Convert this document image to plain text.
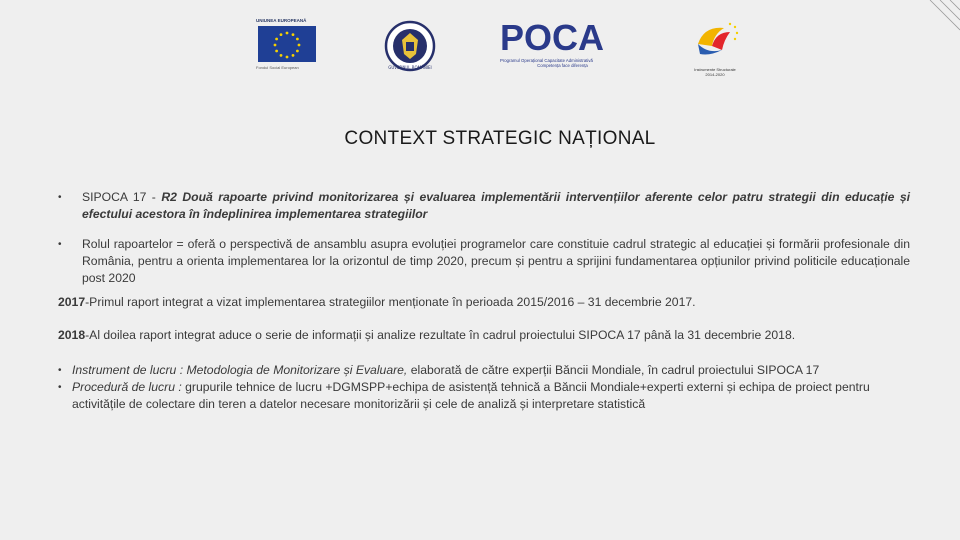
UNIUNEA EUROPEANĂ
Fondul Social European	GUVERNUL ROMÂNIEI
POCA
Programul Operațional Capacitate Administrativă
Competența face diferența
Instrumente Structurale
2014-2020
CONTEXT STRATEGIC NAȚIONAL
• SIPOCA 17 - R2 Două rapoarte privind monitorizarea și evaluarea implementării intervențiilor aferente celor patru strategii din educație și efectului acestora în îndeplinirea implementarea strategiilor
• Rolul rapoartelor = oferă o perspectivă de ansamblu asupra evoluției programelor care constituie cadrul strategic al educației și formării profesionale din România, pentru a orienta implementarea lor la orizontul de timp 2020, precum și pentru a sprijini fundamentarea opțiunilor privind politicile educaționale post 2020
2017-Primul raport integrat a vizat implementarea strategiilor menționate în perioada 2015/2016 – 31 decembrie 2017.
2018-Al doilea raport integrat aduce o serie de informații și analize rezultate în cadrul proiectului SIPOCA 17 până la 31 decembrie 2018.
• Instrument de lucru : Metodologia de Monitorizare și Evaluare, elaborată de către experții Băncii Mondiale, în cadrul proiectului SIPOCA 17
• Procedură de lucru : grupurile tehnice de lucru +DGMSPP+echipa de asistență tehnică a Băncii Mondiale+experti externi și echipa de proiect pentru activitățile de colectare din teren a datelor necesare monitorizării și cele de analiză și interpretare statistică
